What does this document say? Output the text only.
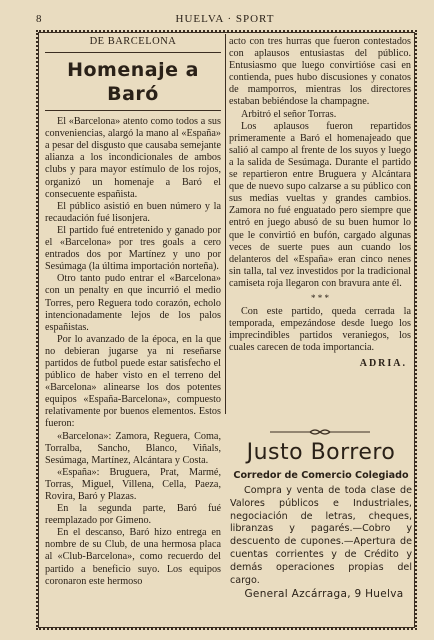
8	HUELVA · SPORT

DE BARCELONA

Homenaje a Baró

El «Barcelona» atento como todos a sus conveniencias, alargó la mano al «España» a pesar del disgusto que causaba semejante alianza a los incondicionales de ambos clubs y para mayor estímulo de los rojos, organizó un homenaje a Baró el consecuente españista.

El público asistió en buen número y la recaudación fué lisonjera.

El partido fué entretenido y ganado por el «Barcelona» por tres goals a cero entrados dos por Martínez y uno por Sesúmaga (la última importación norteña).

Otro tanto pudo entrar el «Barcelona» con un penalty en que incurrió el medio Torres, pero Reguera todo corazón, echolo intencionadamente lejos de los palos españistas.

Por lo avanzado de la época, en la que no debieran jugarse ya ni reseñarse partidos de futbol puede estar satisfecho el público de haber visto en el terreno del «Barcelona» alinearse los dos potentes equipos «España-Barcelona», compuesto relativamente por buenos elementos. Estos fueron:

«Barcelona»: Zamora, Reguera, Coma, Torralba, Sancho, Blanco, Viñals, Sesúmaga, Martínez, Alcántara y Costa.

«España»: Bruguera, Prat, Marmé, Torras, Miguel, Villena, Cella, Paeza, Rovira, Baró y Plazas.

En la segunda parte, Baró fué reemplazado por Gimeno.

En el descanso, Baró hizo entrega en nombre de su Club, de una hermosa placa al «Club-Barcelona», como recuerdo del partido a beneficio suyo. Los equipos coronaron este hermoso

acto con tres hurras que fueron contestados con aplausos entusiastas del público. Entusiasmo que luego convirtióse casi en contienda, pues hubo discusiones y conatos de mamporros, mientras los directores estaban bebiéndose la champagne.

Arbitró el señor Torras.

Los aplausos fueron repartidos primeramente a Baró el homenajeado que salió al campo al frente de los suyos y luego a la salida de Sesúmaga. Durante el partido se repartieron entre Bruguera y Alcántara que de nuevo supo calzarse a su público con sus medias vueltas y grandes cambios. Zamora no fué enguatado pero siempre que entró en juego abusó de su buen humor lo que le convirtió en bufón, cargado algunas veces de suerte pues aun cuando los delanteros del «España» eran cinco nenes sin talla, tal vez investidos por la tradicional camiseta roja llegaron con bravura ante él.

* * *

Con este partido, queda cerrada la temporada, empezándose desde luego los imprecindibles partidos veraniegos, los cuales carecen de toda importancia.

ADRIA.

Justo Borrero

Corredor de Comercio Colegiado

Compra y venta de toda clase de Valores públicos e Industriales, negociación de letras, cheques, libranzas y pagarés.—Cobro y descuento de cupones.—Apertura de cuentas corrientes y de Crédito y demás operaciones propias del cargo.

General Azcárraga, 9 Huelva
